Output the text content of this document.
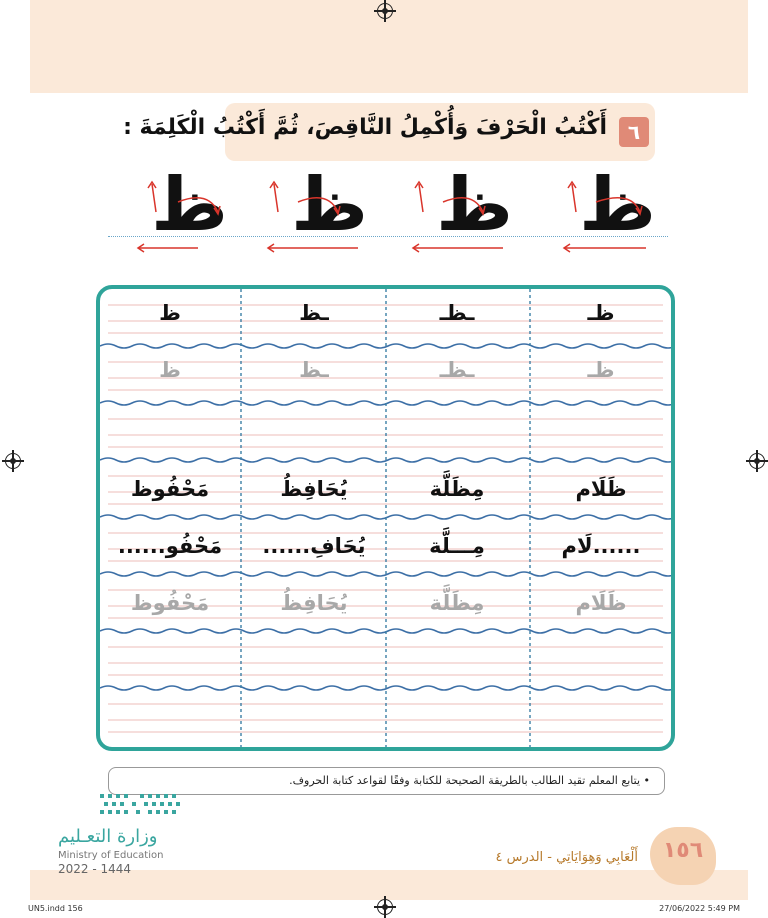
٦
أَكْتُبُ الْحَرْفَ وَأُكْمِلُ النَّاقِصَ، ثُمَّ أَكْتُبُ الْكَلِمَةَ :
ظ ظ ظ ظ
ظـ
ـظـ
ـظ
ظ
ظـ
ـظـ
ـظ
ظ
ظَلَام
مِظَلَّة
يُحَافِظُ
مَحْفُوظ
......لَام
مِـــلَّة
يُحَافِ......
مَحْفُو......
ظَلَام
مِظَلَّة
يُحَافِظُ
مَحْفُوظ
• يتابع المعلم تقيد الطالب بالطريقة الصحيحة للكتابة وفقًا لقواعد كتابة الحروف.
وزارة التعـليم
Ministry of Education
2022 - 1444
١٥٦
أَلْعَابِي وَهِوَايَاتِي - الدرس ٤
UN5.indd 156	27/06/2022 5:49 PM
